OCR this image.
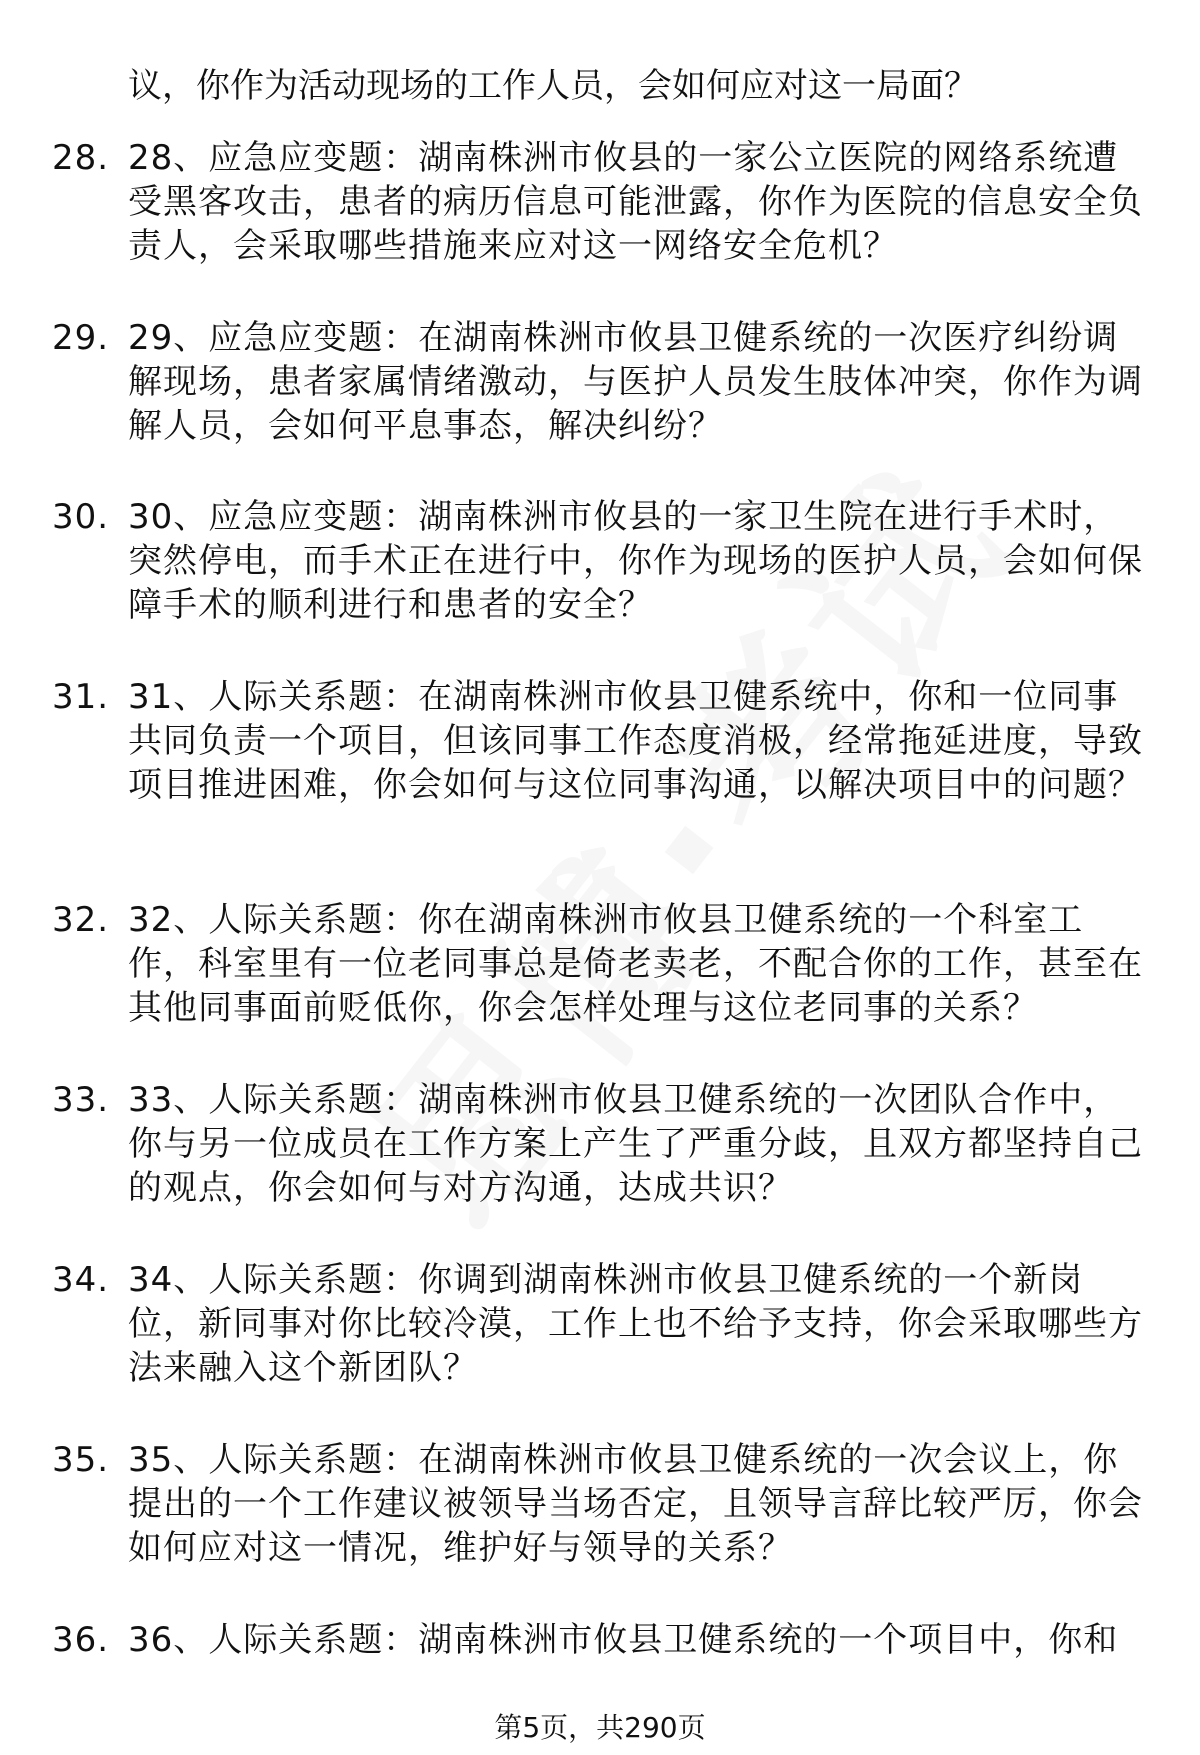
议，你作为活动现场的工作人员，会如何应对这一局面？
28. 28、应急应变题：湖南株洲市攸县的一家公立医院的网络系统遭受黑客攻击，患者的病历信息可能泄露，你作为医院的信息安全负责人，会采取哪些措施来应对这一网络安全危机？
29. 29、应急应变题：在湖南株洲市攸县卫健系统的一次医疗纠纷调解现场，患者家属情绪激动，与医护人员发生肢体冲突，你作为调解人员，会如何平息事态，解决纠纷？
30. 30、应急应变题：湖南株洲市攸县的一家卫生院在进行手术时，突然停电，而手术正在进行中，你作为现场的医护人员，会如何保障手术的顺利进行和患者的安全？
31. 31、人际关系题：在湖南株洲市攸县卫健系统中，你和一位同事共同负责一个项目，但该同事工作态度消极，经常拖延进度，导致项目推进困难，你会如何与这位同事沟通，以解决项目中的问题？
32. 32、人际关系题：你在湖南株洲市攸县卫健系统的一个科室工作，科室里有一位老同事总是倚老卖老，不配合你的工作，甚至在其他同事面前贬低你，你会怎样处理与这位老同事的关系？
33. 33、人际关系题：湖南株洲市攸县卫健系统的一次团队合作中，你与另一位成员在工作方案上产生了严重分歧，且双方都坚持自己的观点，你会如何与对方沟通，达成共识？
34. 34、人际关系题：你调到湖南株洲市攸县卫健系统的一个新岗位，新同事对你比较冷漠，工作上也不给予支持，你会采取哪些方法来融入这个新团队？
35. 35、人际关系题：在湖南株洲市攸县卫健系统的一次会议上，你提出的一个工作建议被领导当场否定，且领导言辞比较严厉，你会如何应对这一情况，维护好与领导的关系？
36. 36、人际关系题：湖南株洲市攸县卫健系统的一个项目中，你和
第5页，共290页
